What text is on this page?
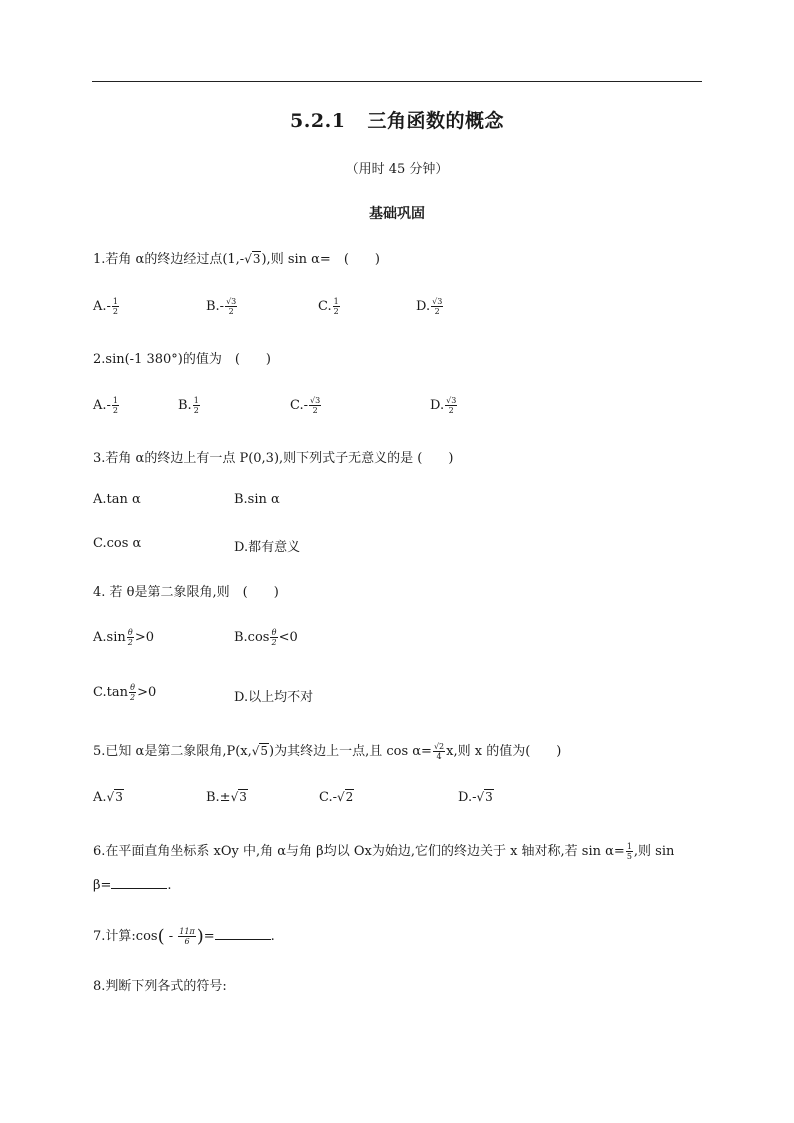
5.2.1 三角函数的概念
（用时 45 分钟）
基础巩固
1.若角 α的终边经过点(1,-√3),则 sin α=　(　　)
$A.- \frac{1}{2}$	$B.- \frac{√3}{2}$	C. $\frac{1}{2}$	D. $\frac{√3}{2}$
2.sin(-1 380°)的值为　(　　)
$A.- \frac{1}{2}$	B. $\frac{1}{2}$	$C.- \frac{√3}{2}$	D. $\frac{√3}{2}$
3.若角 α的终边上有一点 P(0,3),则下列式子无意义的是 (　　)
A.tan α	B.sin α
C.cos α	D.都有意义
4. 若 θ是第二象限角,则　(　　)
$A.\sin \frac{\theta}{2} >0$	$B.\cos \frac{\theta}{2} <0$
$C.\tan \frac{\theta}{2} >0$	D.以上均不对
5.已知 α是第二象限角,P(x,√5)为其终边上一点,且 $\cos \alpha= \frac{√2}{4} x$,则 x 的值为(　　)
A.√3	B.±√3	C.-√2	D.-√3
6.在平面直角坐标系 xOy 中,角 α与角 β均以 Ox为始边,它们的终边关于 x 轴对称,若 $\sin \alpha= \frac{1}{5}$ ,则 sin
β=	.
7.计算:cos( - $\frac{11\pi}{6}$ )=	.
8.判断下列各式的符号:
